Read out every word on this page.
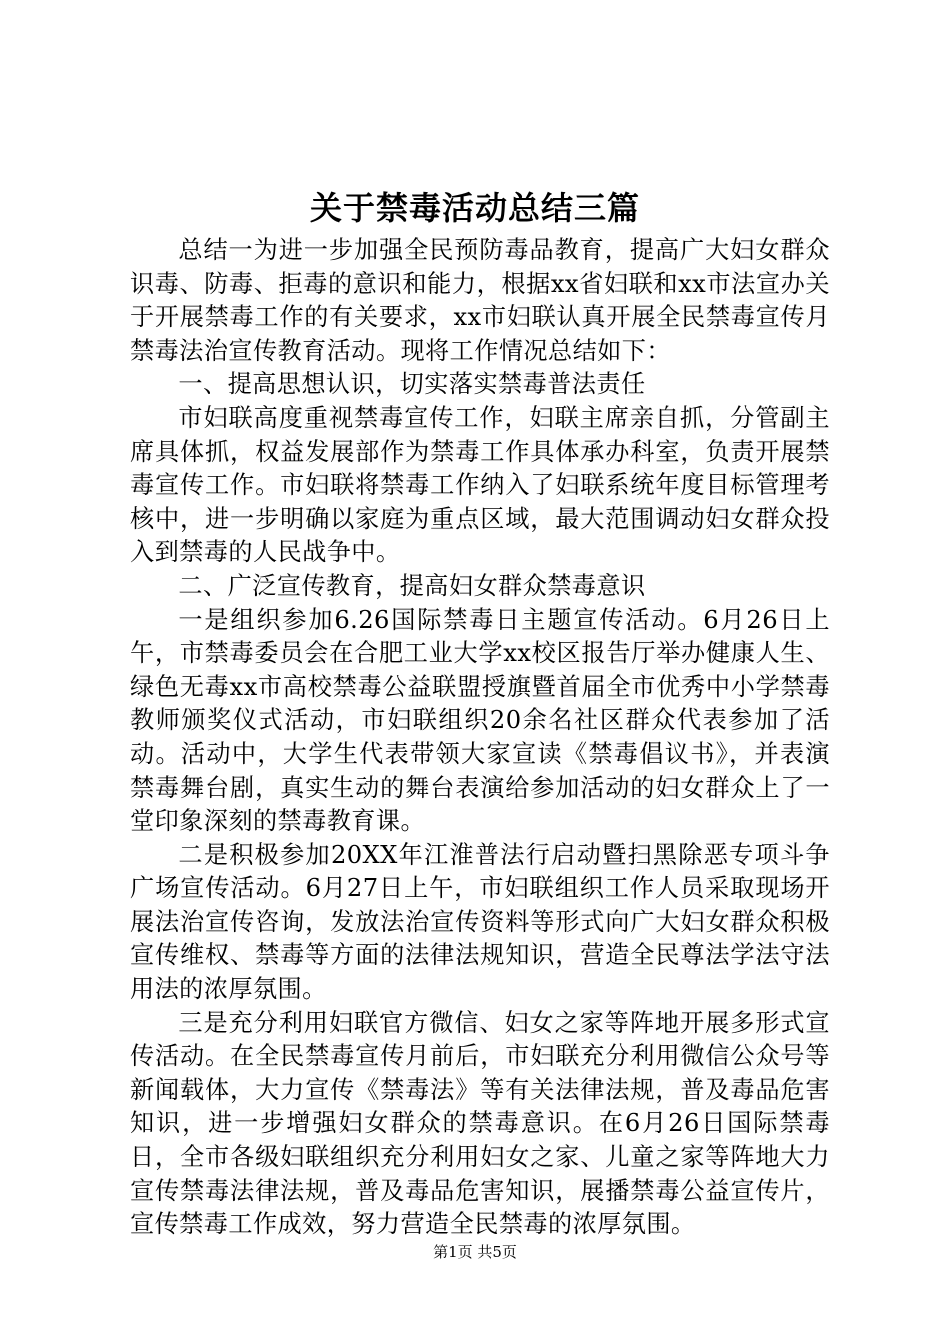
关于禁毒活动总结三篇

总结一为进一步加强全民预防毒品教育，提高广大妇女群众识毒、防毒、拒毒的意识和能力，根据xx省妇联和xx市法宣办关于开展禁毒工作的有关要求，xx市妇联认真开展全民禁毒宣传月禁毒法治宣传教育活动。现将工作情况总结如下：

一、提高思想认识，切实落实禁毒普法责任

市妇联高度重视禁毒宣传工作，妇联主席亲自抓，分管副主席具体抓，权益发展部作为禁毒工作具体承办科室，负责开展禁毒宣传工作。市妇联将禁毒工作纳入了妇联系统年度目标管理考核中，进一步明确以家庭为重点区域，最大范围调动妇女群众投入到禁毒的人民战争中。

二、广泛宣传教育，提高妇女群众禁毒意识

一是组织参加6.26国际禁毒日主题宣传活动。6月26日上午，市禁毒委员会在合肥工业大学xx校区报告厅举办健康人生、绿色无毒xx市高校禁毒公益联盟授旗暨首届全市优秀中小学禁毒教师颁奖仪式活动，市妇联组织20余名社区群众代表参加了活动。活动中，大学生代表带领大家宣读《禁毒倡议书》，并表演禁毒舞台剧，真实生动的舞台表演给参加活动的妇女群众上了一堂印象深刻的禁毒教育课。

二是积极参加20XX年江淮普法行启动暨扫黑除恶专项斗争广场宣传活动。6月27日上午，市妇联组织工作人员采取现场开展法治宣传咨询，发放法治宣传资料等形式向广大妇女群众积极宣传维权、禁毒等方面的法律法规知识，营造全民尊法学法守法用法的浓厚氛围。

三是充分利用妇联官方微信、妇女之家等阵地开展多形式宣传活动。在全民禁毒宣传月前后，市妇联充分利用微信公众号等新闻载体，大力宣传《禁毒法》等有关法律法规，普及毒品危害知识，进一步增强妇女群众的禁毒意识。在6月26日国际禁毒日，全市各级妇联组织充分利用妇女之家、儿童之家等阵地大力宣传禁毒法律法规，普及毒品危害知识，展播禁毒公益宣传片，宣传禁毒工作成效，努力营造全民禁毒的浓厚氛围。

第1页 共5页
